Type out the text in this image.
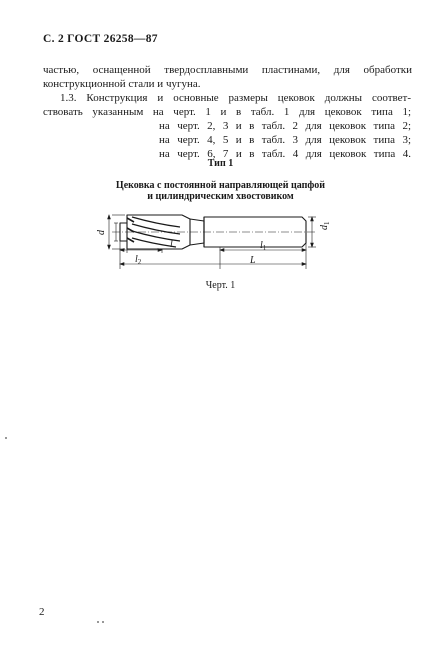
С. 2 ГОСТ 26258—87
частью, оснащенной твердосплавными пластинами, для обработки
конструкционной стали и чугуна.
1.3. Конструкция и основные размеры цековок должны соответ-
ствовать указанным на черт. 1 и в табл. 1 для цековок типа 1;
на черт. 2, 3 и в табл. 2 для цековок типа 2;
на черт. 4, 5 и в табл. 3 для цековок типа 3;
на черт. 6, 7 и в табл. 4 для цековок типа 4.
Тип 1
Цековка с постоянной направляющей цапфой
и цилиндрическим хвостовиком
d
$d_1$
$l_2$
l
L
$l_1$
Черт. 1
2
